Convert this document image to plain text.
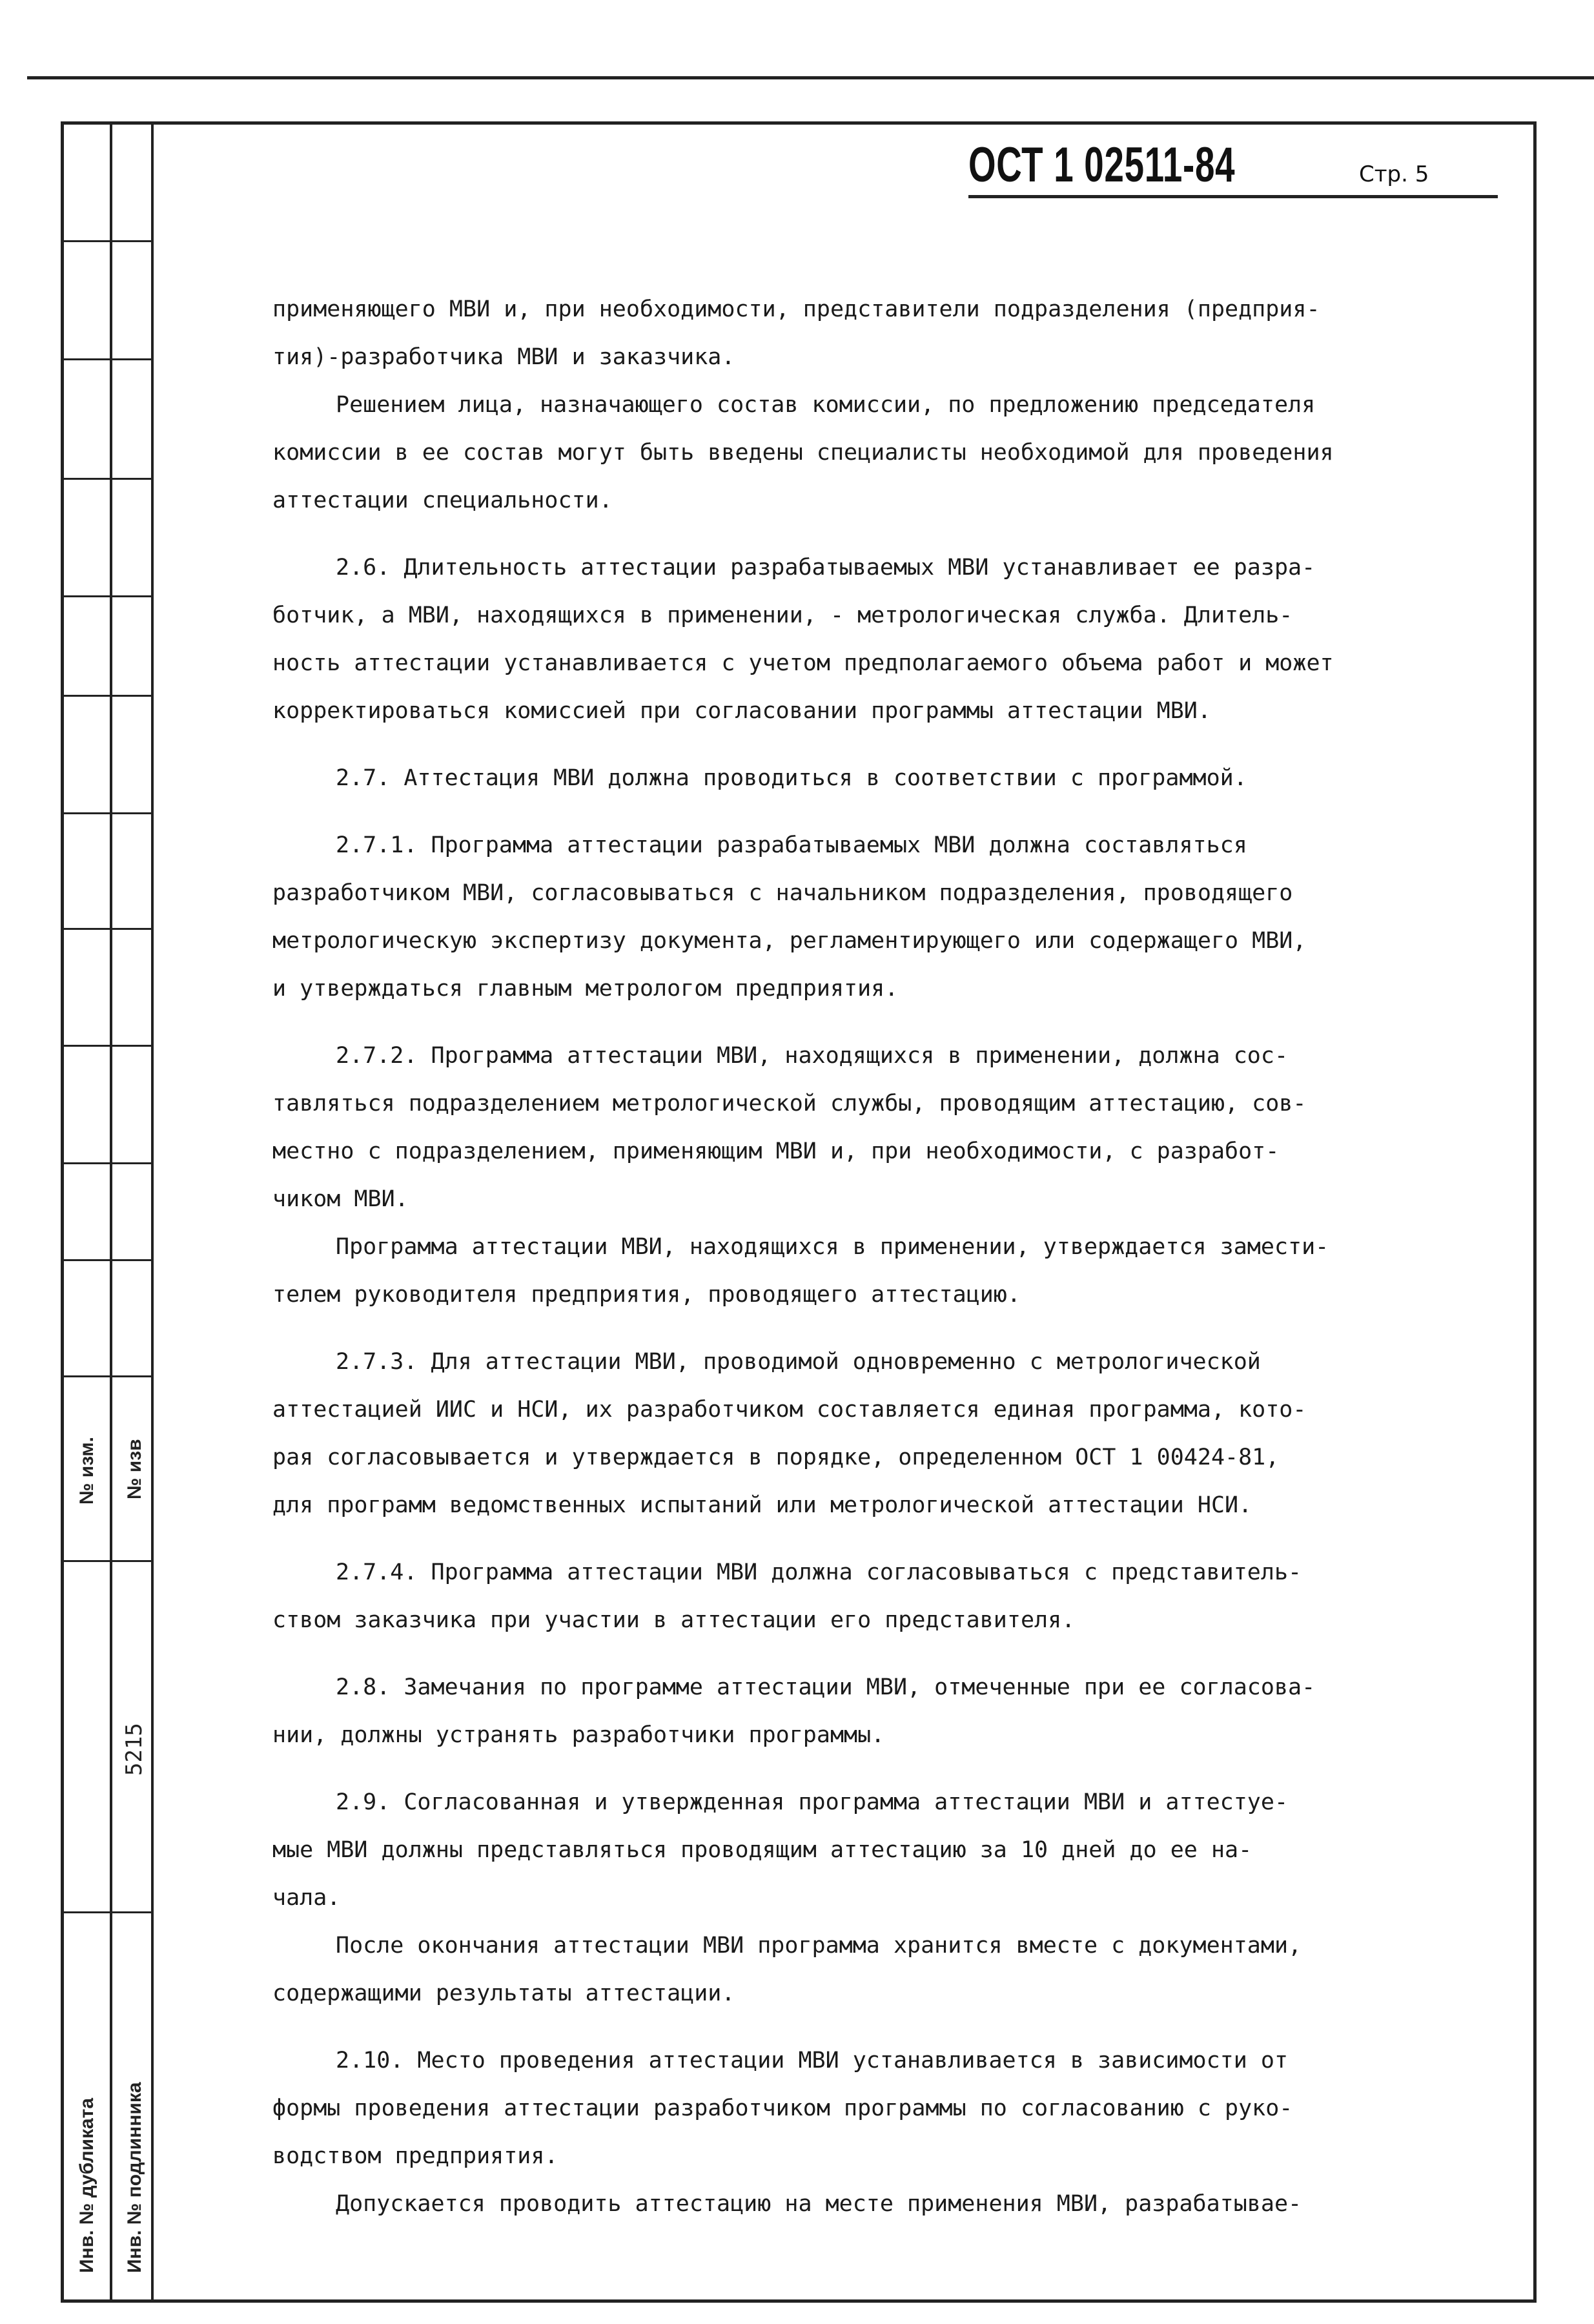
№ изм. № изв
5215
Инв. № дубликата Инв. № подлинника
ОСТ 1 02511-84	Стр. 5
применяющего МВИ и, при необходимости, представители подразделения (предприя-
тия)-разработчика МВИ и заказчика.
Решением лица, назначающего состав комиссии, по предложению председателя
комиссии в ее состав могут быть введены специалисты необходимой для проведения
аттестации специальности.
2.6. Длительность аттестации разрабатываемых МВИ устанавливает ее разра-
ботчик, а МВИ, находящихся в применении, - метрологическая служба. Длитель-
ность аттестации устанавливается с учетом предполагаемого объема работ и может
корректироваться комиссией при согласовании программы аттестации МВИ.
2.7. Аттестация МВИ должна проводиться в соответствии с программой.
2.7.1. Программа аттестации разрабатываемых МВИ должна составляться
разработчиком МВИ, согласовываться с начальником подразделения, проводящего
метрологическую экспертизу документа, регламентирующего или содержащего МВИ,
и утверждаться главным метрологом предприятия.
2.7.2. Программа аттестации МВИ, находящихся в применении, должна сос-
тавляться подразделением метрологической службы, проводящим аттестацию, сов-
местно с подразделением, применяющим МВИ и, при необходимости, с разработ-
чиком МВИ.
Программа аттестации МВИ, находящихся в применении, утверждается замести-
телем руководителя предприятия, проводящего аттестацию.
2.7.3. Для аттестации МВИ, проводимой одновременно с метрологической
аттестацией ИИС и НСИ, их разработчиком составляется единая программа, кото-
рая согласовывается и утверждается в порядке, определенном ОСТ 1 00424-81,
для программ ведомственных испытаний или метрологической аттестации НСИ.
2.7.4. Программа аттестации МВИ должна согласовываться с представитель-
ством заказчика при участии в аттестации его представителя.
2.8. Замечания по программе аттестации МВИ, отмеченные при ее согласова-
нии, должны устранять разработчики программы.
2.9. Согласованная и утвержденная программа аттестации МВИ и аттестуе-
мые МВИ должны представляться проводящим аттестацию за 10 дней до ее на-
чала.
После окончания аттестации МВИ программа хранится вместе с документами,
содержащими результаты аттестации.
2.10. Место проведения аттестации МВИ устанавливается в зависимости от
формы проведения аттестации разработчиком программы по согласованию с руко-
водством предприятия.
Допускается проводить аттестацию на месте применения МВИ, разрабатывае-
